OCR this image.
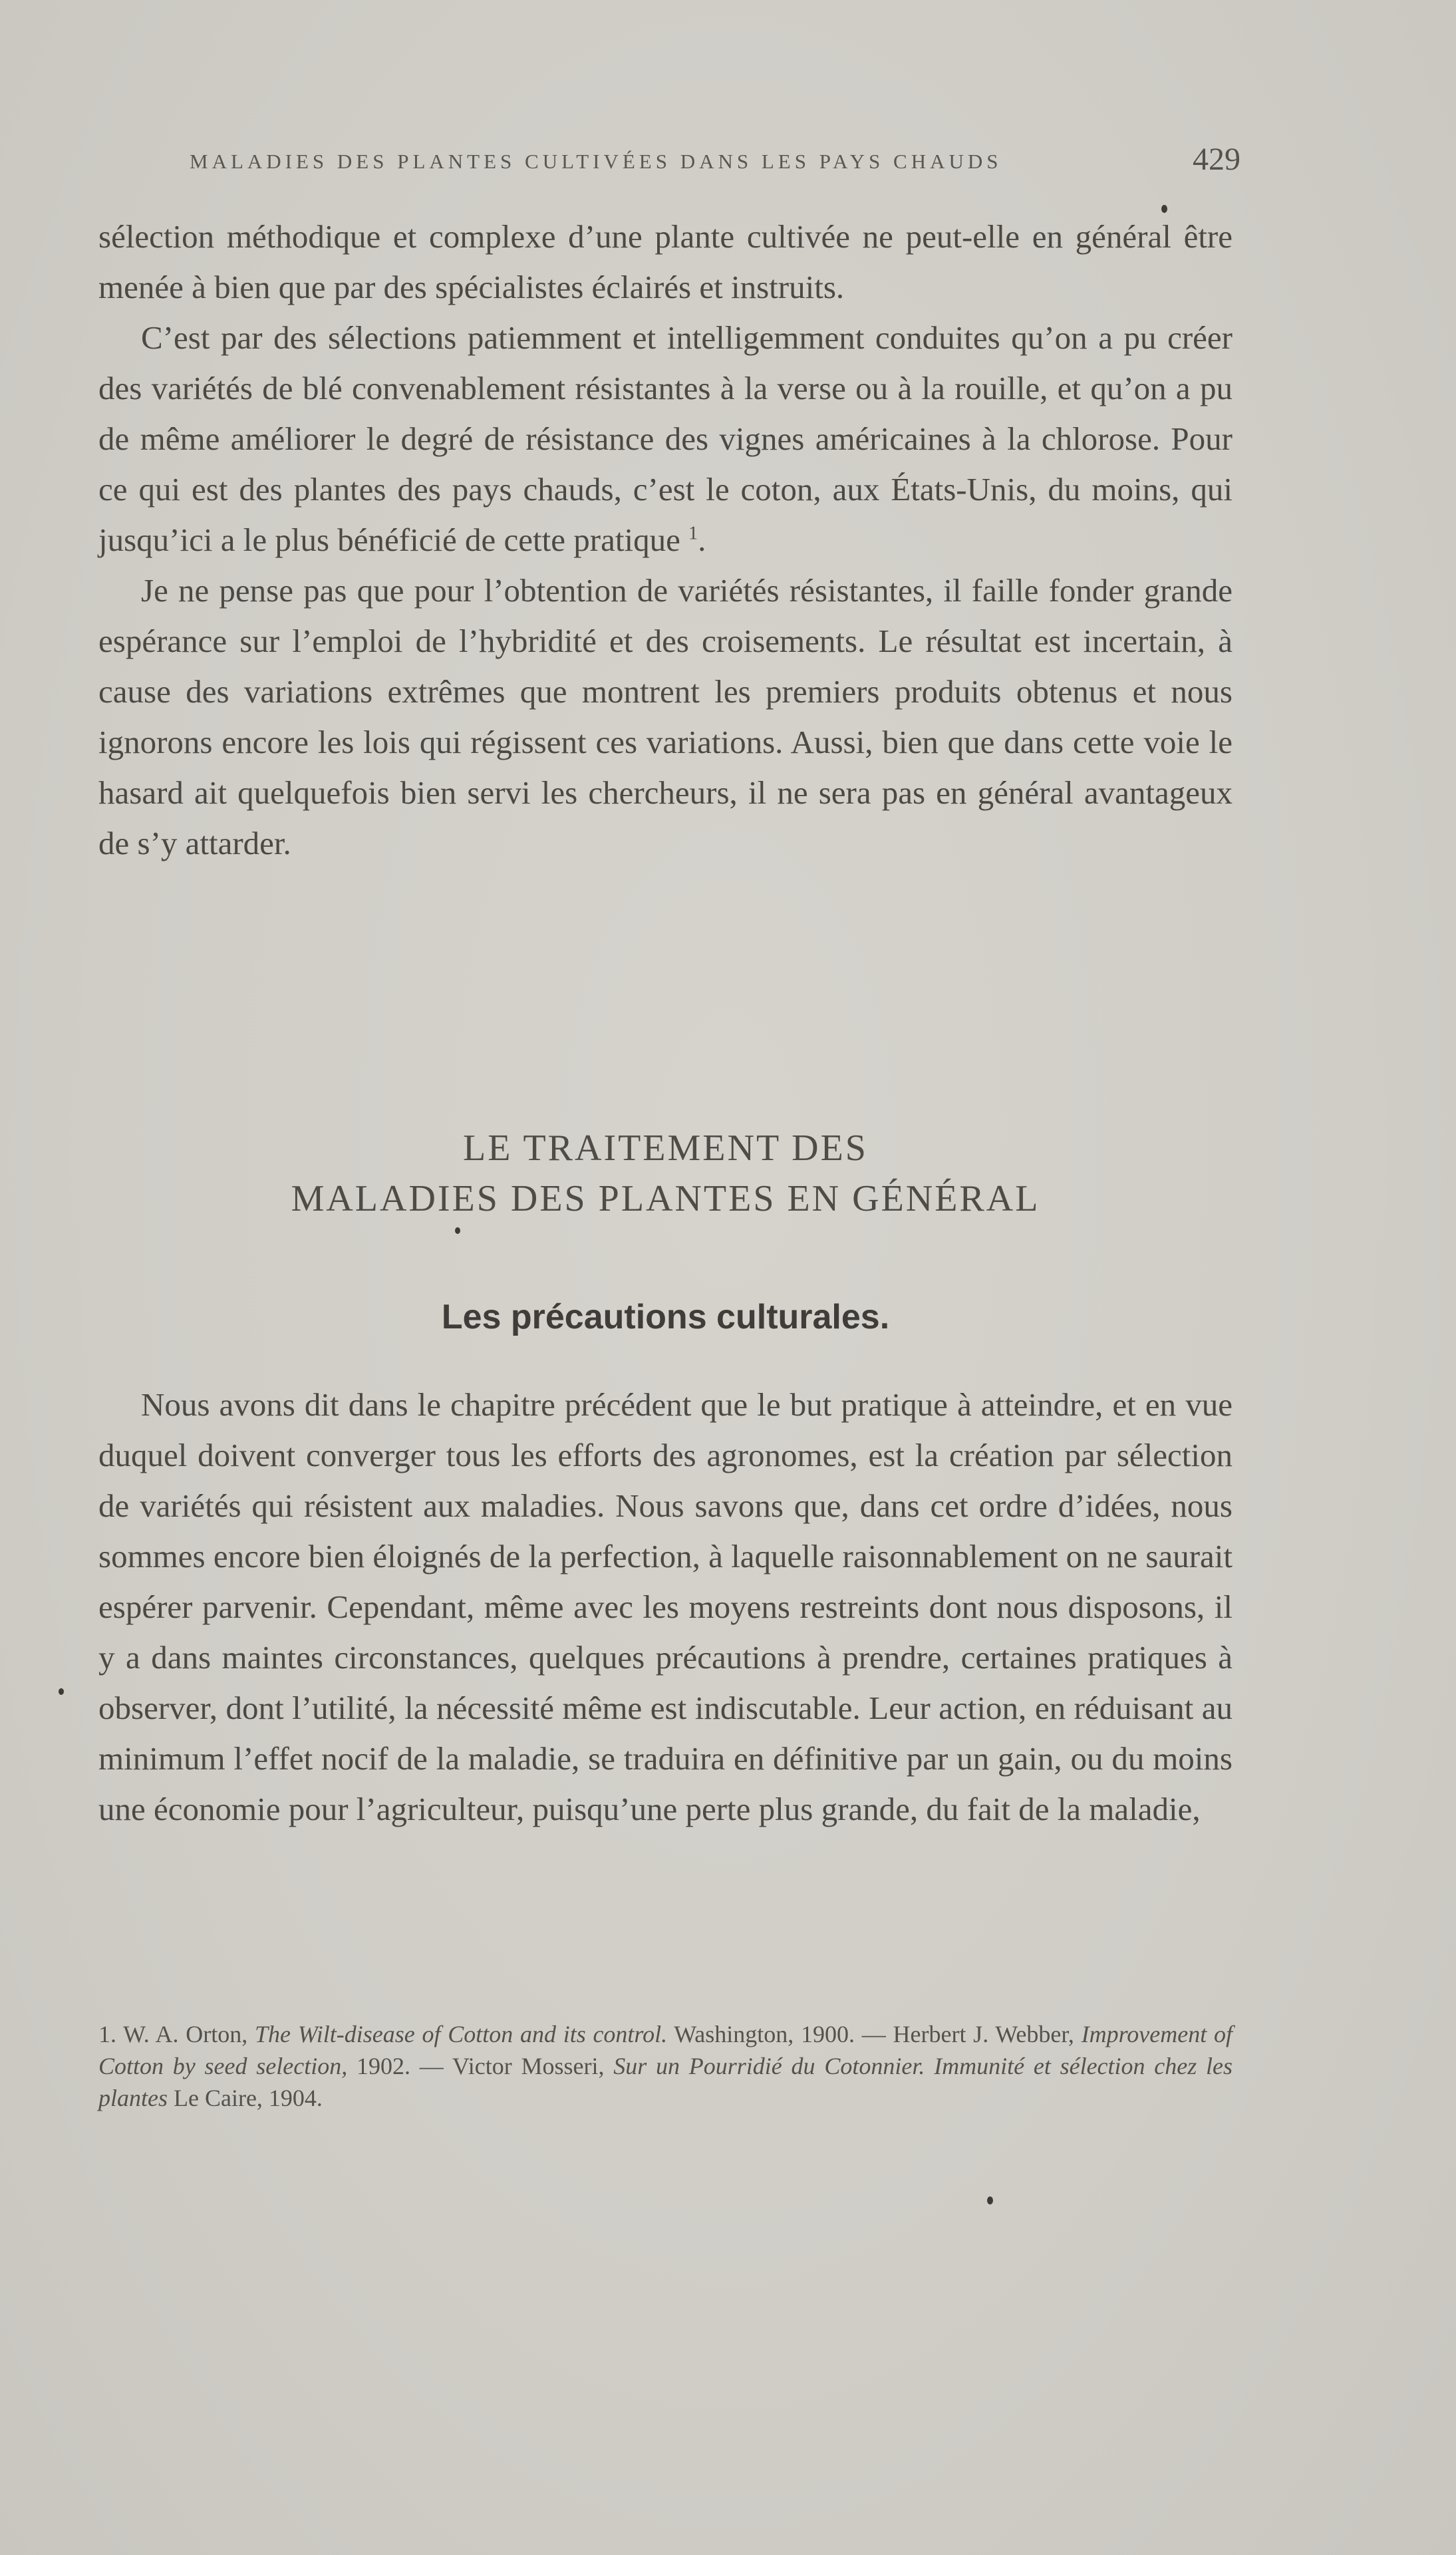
MALADIES DES PLANTES CULTIVÉES DANS LES PAYS CHAUDS	429

sélection méthodique et complexe d’une plante cultivée ne peut-elle en général être menée à bien que par des spécialistes éclairés et instruits.

C’est par des sélections patiemment et intelligemment conduites qu’on a pu créer des variétés de blé convenablement résistantes à la verse ou à la rouille, et qu’on a pu de même améliorer le degré de résistance des vignes américaines à la chlorose. Pour ce qui est des plantes des pays chauds, c’est le coton, aux États-Unis, du moins, qui jusqu’ici a le plus bénéficié de cette pratique $^1$.

Je ne pense pas que pour l’obtention de variétés résistantes, il faille fonder grande espérance sur l’emploi de l’hybridité et des croisements. Le résultat est incertain, à cause des variations extrêmes que montrent les premiers produits obtenus et nous ignorons encore les lois qui régissent ces variations. Aussi, bien que dans cette voie le hasard ait quelquefois bien servi les chercheurs, il ne sera pas en général avantageux de s’y attarder.

LE TRAITEMENT DES
MALADIES DES PLANTES EN GÉNÉRAL
Les précautions culturales.

Nous avons dit dans le chapitre précédent que le but pratique à atteindre, et en vue duquel doivent converger tous les efforts des agronomes, est la création par sélection de variétés qui résistent aux maladies. Nous savons que, dans cet ordre d’idées, nous sommes encore bien éloignés de la perfection, à laquelle raisonnablement on ne saurait espérer parvenir. Cependant, même avec les moyens restreints dont nous disposons, il y a dans maintes circonstances, quelques précautions à prendre, certaines pratiques à observer, dont l’utilité, la nécessité même est indiscutable. Leur action, en réduisant au minimum l’effet nocif de la maladie, se traduira en définitive par un gain, ou du moins une économie pour l’agriculteur, puisqu’une perte plus grande, du fait de la maladie,

1. W. A. Orton, The Wilt-disease of Cotton and its control. Washington, 1900. — Herbert J. Webber, Improvement of Cotton by seed selection, 1902. — Victor Mosseri, Sur un Pourridié du Cotonnier. Immunité et sélection chez les plantes Le Caire, 1904.
